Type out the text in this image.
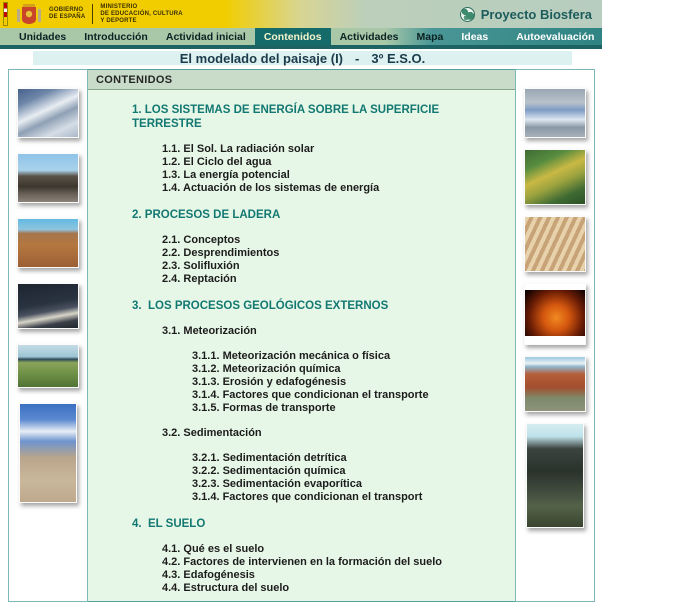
GOBIERNO
DE ESPAÑA
MINISTERIO
DE EDUCACIÓN, CULTURA
Y DEPORTE	Proyecto Biosfera
Unidades	Introducción	Actividad inicial	Contenidos	Actividades	Mapa	Ideas	Autoevaluación	Enlaces
El modelado del paisaje (I) - 3º E.S.O.
CONTENIDOS
1. LOS SISTEMAS DE ENERGÍA SOBRE LA SUPERFICIE TERRESTRE
1.1. El Sol. La radiación solar
1.2. El Ciclo del agua
1.3. La energía potencial
1.4. Actuación de los sistemas de energía
2. PROCESOS DE LADERA
2.1. Conceptos
2.2. Desprendimientos
2.3. Solifluxión
2.4. Reptación
3.  LOS PROCESOS GEOLÓGICOS EXTERNOS
3.1. Meteorización
3.1.1. Meteorización mecánica o física
3.1.2. Meteorización química
3.1.3. Erosión y edafogénesis
3.1.4. Factores que condicionan el transporte
3.1.5. Formas de transporte
3.2. Sedimentación
3.2.1. Sedimentación detrítica
3.2.2. Sedimentación química
3.2.3. Sedimentación evaporítica
3.1.4. Factores que condicionan el transport
4.  EL SUELO
4.1. Qué es el suelo
4.2. Factores de intervienen en la formación del suelo
4.3. Edafogénesis
4.4. Estructura del suelo
